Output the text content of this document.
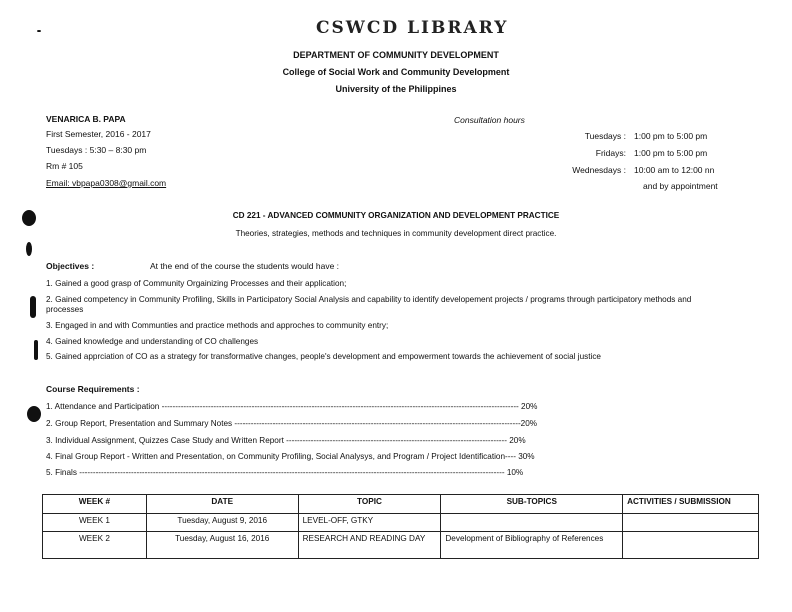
CSWCD LIBRARY
DEPARTMENT OF COMMUNITY DEVELOPMENT
College of Social Work and Community Development
University of the Philippines
VENARICA B. PAPA
First Semester, 2016 - 2017
Tuesdays : 5:30 – 8:30 pm
Rm # 105
Email: vbpapa0308@gmail.com
Consultation hours
Tuesdays : 1:00 pm to 5:00 pm
Fridays: 1:00 pm to 5:00 pm
Wednesdays : 10:00 am to 12:00 nn
and by appointment
CD 221 - ADVANCED COMMUNITY ORGANIZATION AND DEVELOPMENT PRACTICE
Theories, strategies, methods and techniques in community development direct practice.
Objectives :	At the end of the course the students would have :
1. Gained a good grasp of Community Orgainizing Processes and their application;
2. Gained competency in Community Profiling, Skills in Participatory Social Analysis and capability to identify developement projects / programs through participatory methods and
processes
3. Engaged in and with Communties and practice methods and approches to community entry;
4. Gained knowledge and understanding of CO challenges
5. Gained apprciation of CO as a strategy for transformative changes, people's development and empowerment towards the achievement of social justice
Course Requirements :
1. Attendance and Participation ----------------------------------------------------------------------------------------------------------------------------------- 20%
2. Group Report, Presentation and Summary Notes ---------------------------------------------------------------------------------------------------------20%
3. Individual Assignment, Quizzes Case Study and Written Report --------------------------------------------------------------------------------- 20%
4. Final Group Report - Written and Presentation, on Community Profiling, Social Analysys, and Program / Project Identification---- 30%
5. Finals ------------------------------------------------------------------------------------------------------------------------------------------------------------ 10%
WEEK #	DATE	TOPIC	SUB-TOPICS	ACTIVITIES / SUBMISSION
WEEK 1	Tuesday, August 9, 2016	LEVEL-OFF, GTKY		
WEEK 2	Tuesday, August 16, 2016	RESEARCH AND READING DAY	Development of Bibliography of References	
